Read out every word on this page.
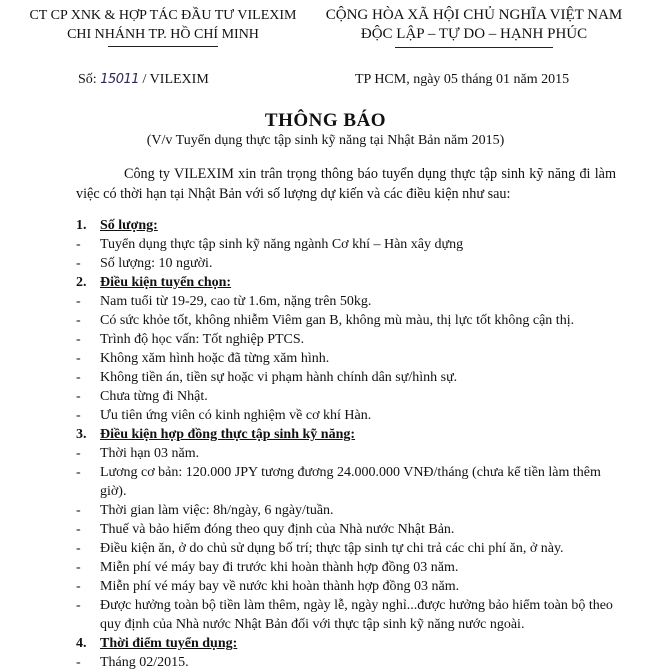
CT CP XNK & HỢP TÁC ĐẦU TƯ VILEXIM
CHI NHÁNH TP. HỒ CHÍ MINH
CỘNG HÒA XÃ HỘI CHỦ NGHĨA VIỆT NAM
ĐỘC LẬP – TỰ DO – HẠNH PHÚC
Số: 15011 / VILEXIM	TP HCM, ngày 05 tháng 01 năm 2015
THÔNG BÁO
(V/v Tuyển dụng thực tập sinh kỹ năng tại Nhật Bản năm 2015)
Công ty VILEXIM xin trân trọng thông báo tuyển dụng thực tập sinh kỹ năng đi làm việc có thời hạn tại Nhật Bản với số lượng dự kiến và các điều kiện như sau:
1. Số lượng:
- Tuyển dụng thực tập sinh kỹ năng ngành Cơ khí – Hàn xây dựng
- Số lượng: 10 người.
2. Điều kiện tuyển chọn:
- Nam tuổi từ 19-29, cao từ 1.6m, nặng trên 50kg.
- Có sức khỏe tốt, không nhiễm Viêm gan B, không mù màu, thị lực tốt không cận thị.
- Trình độ học vấn: Tốt nghiệp PTCS.
- Không xăm hình hoặc đã từng xăm hình.
- Không tiền án, tiền sự hoặc vi phạm hành chính dân sự/hình sự.
- Chưa từng đi Nhật.
- Ưu tiên ứng viên có kinh nghiệm về cơ khí Hàn.
3. Điều kiện hợp đồng thực tập sinh kỹ năng:
- Thời hạn 03 năm.
- Lương cơ bản: 120.000 JPY tương đương 24.000.000 VNĐ/tháng (chưa kể tiền làm thêm giờ).
- Thời gian làm việc: 8h/ngày, 6 ngày/tuần.
- Thuế và bảo hiểm đóng theo quy định của Nhà nước Nhật Bản.
- Điều kiện ăn, ở do chủ sử dụng bố trí; thực tập sinh tự chi trả các chi phí ăn, ở này.
- Miễn phí vé máy bay đi trước khi hoàn thành hợp đồng 03 năm.
- Miễn phí vé máy bay về nước khi hoàn thành hợp đồng 03 năm.
- Được hưởng toàn bộ tiền làm thêm, ngày lễ, ngày nghỉ...được hưởng bảo hiểm toàn bộ theo quy định của Nhà nước Nhật Bản đối với thực tập sinh kỹ năng nước ngoài.
4. Thời điểm tuyển dụng:
- Tháng 02/2015.
